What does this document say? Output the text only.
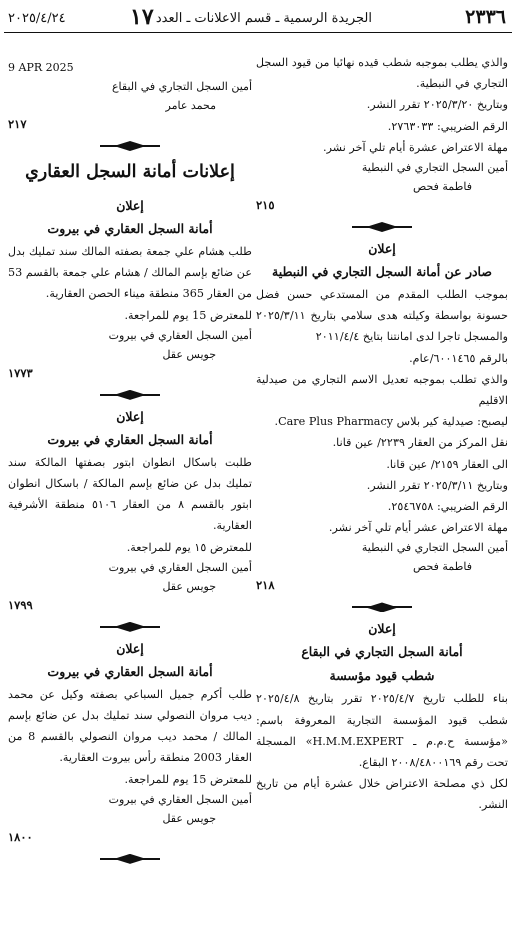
٢٣٣٦
الجريدة الرسمية ـ قسم الاعلانات ـ العدد
١٧
٢٠٢٥/٤/٢٤

والذي يطلب بموجبه شطب قيده نهائيا من قيود السجل التجاري في النبطية.

وبتاريخ ٢٠٢٥/٣/٢٠ تقرر النشر.

الرقم الضريبي: ٢٧٦٣٠٣٣.

مهلة الاعتراض عشرة أيام تلي آخر نشر.

أمين السجل التجاري في النبطية
فاطمة فحص
٢١٥
إعلان
صادر عن أمانة السجل التجاري في النبطية

بموجب الطلب المقدم من المستدعي حسن فضل حسونة بواسطة وكيلته هدى سلامي بتاريخ ٢٠٢٥/٣/١١ والمسجل تاجرا لدى امانتنا بتايخ ٢٠١١/٤/٤

بالرقم ٦٠٠١٤٦٥/عام.

والذي تطلب بموجبه تعديل الاسم التجاري من صيدلية الاقليم

ليصبح: صيدلية كير بلاس Care Plus Pharmacy.

نقل المركز من العقار ٢٢٣٩/ عين قانا.

الى العقار ٢١٥٩/ عين قانا.

وبتاريخ ٢٠٢٥/٣/١١ تقرر النشر.

الرقم الضريبي: ٢٥٤٦٧٥٨.

مهلة الاعتراض عشر أيام تلي آخر نشر.

أمين السجل التجاري في النبطية
فاطمة فحص
٢١٨
إعلان
أمانة السجل التجاري في البقاع
شطب قيود مؤسسة

بناء للطلب تاريخ ٢٠٢٥/٤/٧ تقرر بتاريخ ٢٠٢٥/٤/٨ شطب قيود المؤسسة التجارية المعروفة باسم: «مؤسسة ح.م.م ـ H.M.M.EXPERT» المسجلة تحت رقم ٢٠٠٨/٤٨٠٠١٦٩ البقاع.

لكل ذي مصلحة الاعتراض خلال عشرة أيام من تاريخ النشر.

9 APR 2025
أمين السجل التجاري في البقاع
محمد عامر
٢١٧
إعلانات أمانة السجل العقاري
إعلان
أمانة السجل العقاري في بيروت

طلب هشام علي جمعة بصفته المالك سند تمليك بدل عن ضائع بإسم المالك / هشام علي جمعة بالقسم 53 من العقار 365 منطقة ميناء الحصن العقارية.

للمعترض 15 يوم للمراجعة.

أمين السجل العقاري في بيروت
جويس عقل
١٧٧٣
إعلان
أمانة السجل العقاري في بيروت

طلبت باسكال انطوان ابتور بصفتها المالكة سند تمليك بدل عن ضائع بإسم المالكة / باسكال انطوان ابتور بالقسم ٨ من العقار ٥١٠٦ منطقة الأشرفية العقارية.

للمعترض ١٥ يوم للمراجعة.

أمين السجل العقاري في بيروت
جويس عقل
١٧٩٩
إعلان
أمانة السجل العقاري في بيروت

طلب أكرم جميل السباعي بصفته وكيل عن محمد ديب مروان النصولي سند تمليك بدل عن ضائع بإسم المالك / محمد ديب مروان النصولي بالقسم 8 من العقار 2003 منطقة رأس بيروت العقارية.

للمعترض 15 يوم للمراجعة.

أمين السجل العقاري في بيروت
جويس عقل
١٨٠٠
